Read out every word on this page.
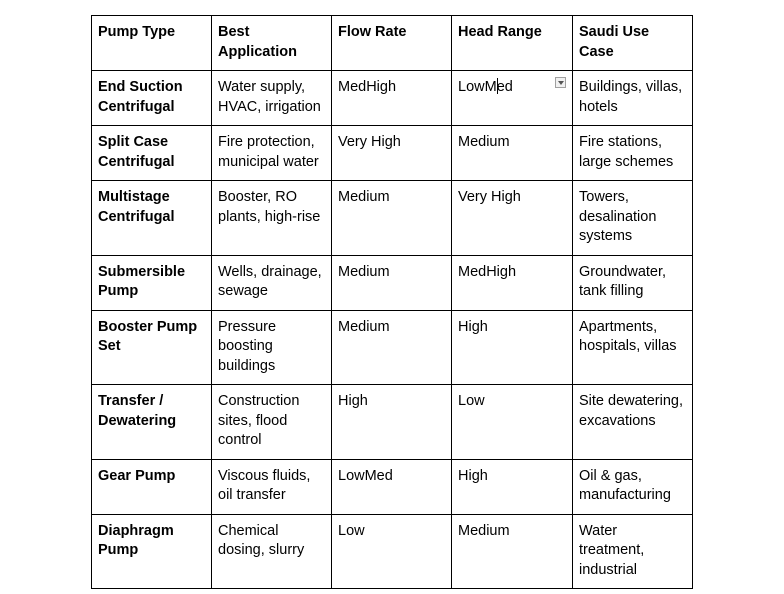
Pump Type	Best Application	Flow Rate	Head Range	Saudi Use Case
End Suction Centrifugal	Water supply, HVAC, irrigation	MedHigh	LowMed	Buildings, villas, hotels
Split Case Centrifugal	Fire protection, municipal water	Very High	Medium	Fire stations, large schemes
Multistage Centrifugal	Booster, RO plants, high-rise	Medium	Very High	Towers, desalination systems
Submersible Pump	Wells, drainage, sewage	Medium	MedHigh	Groundwater, tank filling
Booster Pump Set	Pressure boosting buildings	Medium	High	Apartments, hospitals, villas
Transfer / Dewatering	Construction sites, flood control	High	Low	Site dewatering, excavations
Gear Pump	Viscous fluids, oil transfer	LowMed	High	Oil & gas, manufacturing
Diaphragm Pump	Chemical dosing, slurry	Low	Medium	Water treatment, industrial
